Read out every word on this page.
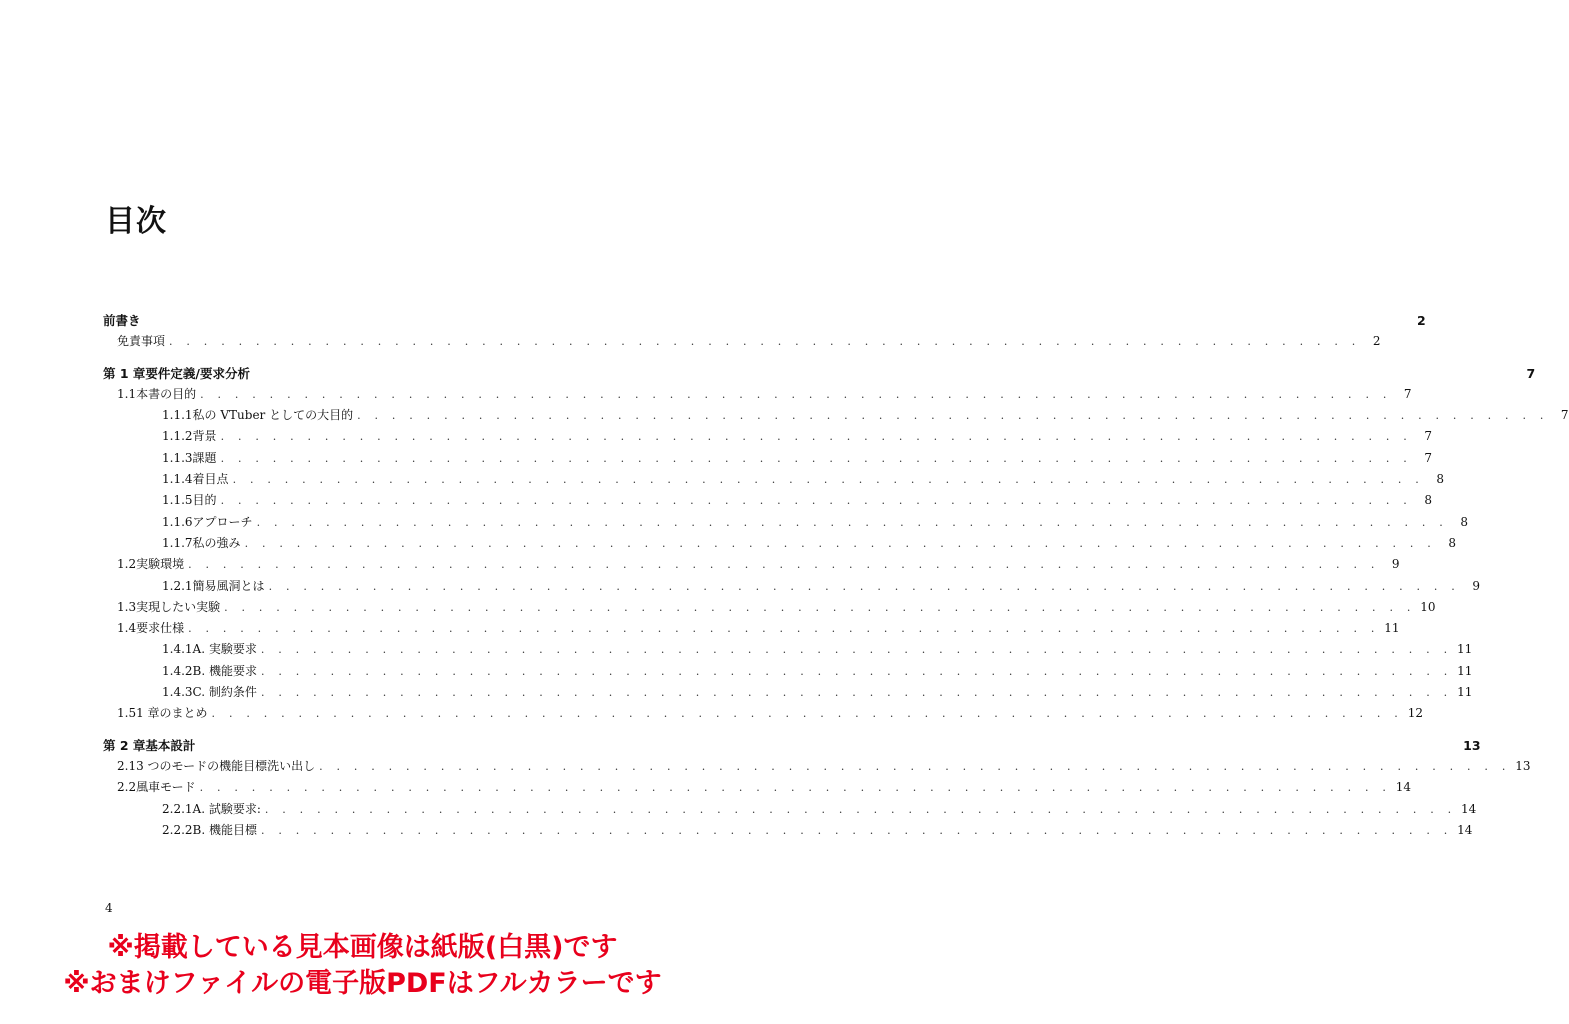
目次
前書き	2
免責事項 . . . . . . . . . . . . . . . . . . . . . . . . . . . . . . . . . . . . . . . . . . . . . . . . . . . . . . . . . . . . . . . . . . . . .	2
第 1 章 要件定義/要求分析	7
1.1 本書の目的 . . . . . . . . . . . . . . . . . . . . . . . . . . . . . . . . . . . . . . . . . . . . . . . . . . . . . . . . . . . . . . . . . . . . .	7
1.1.1 私の VTuber としての大目的 . . . . . . . . . . . . . . . . . . . . . . . . . . . . . . . . . . . . . . . . . . . . . . . . . . . . . . . . . . . . . . . . . . . . .	7
1.1.2 背景 . . . . . . . . . . . . . . . . . . . . . . . . . . . . . . . . . . . . . . . . . . . . . . . . . . . . . . . . . . . . . . . . . . . . .	7
1.1.3 課題 . . . . . . . . . . . . . . . . . . . . . . . . . . . . . . . . . . . . . . . . . . . . . . . . . . . . . . . . . . . . . . . . . . . . .	7
1.1.4 着目点 . . . . . . . . . . . . . . . . . . . . . . . . . . . . . . . . . . . . . . . . . . . . . . . . . . . . . . . . . . . . . . . . . . . . .	8
1.1.5 目的 . . . . . . . . . . . . . . . . . . . . . . . . . . . . . . . . . . . . . . . . . . . . . . . . . . . . . . . . . . . . . . . . . . . . .	8
1.1.6 アプローチ . . . . . . . . . . . . . . . . . . . . . . . . . . . . . . . . . . . . . . . . . . . . . . . . . . . . . . . . . . . . . . . . . . . . .	8
1.1.7 私の強み . . . . . . . . . . . . . . . . . . . . . . . . . . . . . . . . . . . . . . . . . . . . . . . . . . . . . . . . . . . . . . . . . . . . .	8
1.2 実験環境 . . . . . . . . . . . . . . . . . . . . . . . . . . . . . . . . . . . . . . . . . . . . . . . . . . . . . . . . . . . . . . . . . . . . .	9
1.2.1 簡易風洞とは . . . . . . . . . . . . . . . . . . . . . . . . . . . . . . . . . . . . . . . . . . . . . . . . . . . . . . . . . . . . . . . . . . . . .	9
1.3 実現したい実験 . . . . . . . . . . . . . . . . . . . . . . . . . . . . . . . . . . . . . . . . . . . . . . . . . . . . . . . . . . . . . . . . . . . . . 10
1.4 要求仕様 . . . . . . . . . . . . . . . . . . . . . . . . . . . . . . . . . . . . . . . . . . . . . . . . . . . . . . . . . . . . . . . . . . . . . 11
1.4.1 A. 実験要求 . . . . . . . . . . . . . . . . . . . . . . . . . . . . . . . . . . . . . . . . . . . . . . . . . . . . . . . . . . . . . . . . . . . . . 11
1.4.2 B. 機能要求 . . . . . . . . . . . . . . . . . . . . . . . . . . . . . . . . . . . . . . . . . . . . . . . . . . . . . . . . . . . . . . . . . . . . . 11
1.4.3 C. 制約条件 . . . . . . . . . . . . . . . . . . . . . . . . . . . . . . . . . . . . . . . . . . . . . . . . . . . . . . . . . . . . . . . . . . . . . 11
1.5 1 章のまとめ . . . . . . . . . . . . . . . . . . . . . . . . . . . . . . . . . . . . . . . . . . . . . . . . . . . . . . . . . . . . . . . . . . . . . 12
第 2 章 基本設計	13
2.1 3 つのモードの機能目標洗い出し . . . . . . . . . . . . . . . . . . . . . . . . . . . . . . . . . . . . . . . . . . . . . . . . . . . . . . . . . . . . . . . . . . . . . 13
2.2 風車モード . . . . . . . . . . . . . . . . . . . . . . . . . . . . . . . . . . . . . . . . . . . . . . . . . . . . . . . . . . . . . . . . . . . . . 14
2.2.1 A. 試験要求: . . . . . . . . . . . . . . . . . . . . . . . . . . . . . . . . . . . . . . . . . . . . . . . . . . . . . . . . . . . . . . . . . . . . . 14
2.2.2 B. 機能目標 . . . . . . . . . . . . . . . . . . . . . . . . . . . . . . . . . . . . . . . . . . . . . . . . . . . . . . . . . . . . . . . . . . . . . 14
4
※掲載している見本画像は紙版(白黒)です
※おまけファイルの電子版PDFはフルカラーです
